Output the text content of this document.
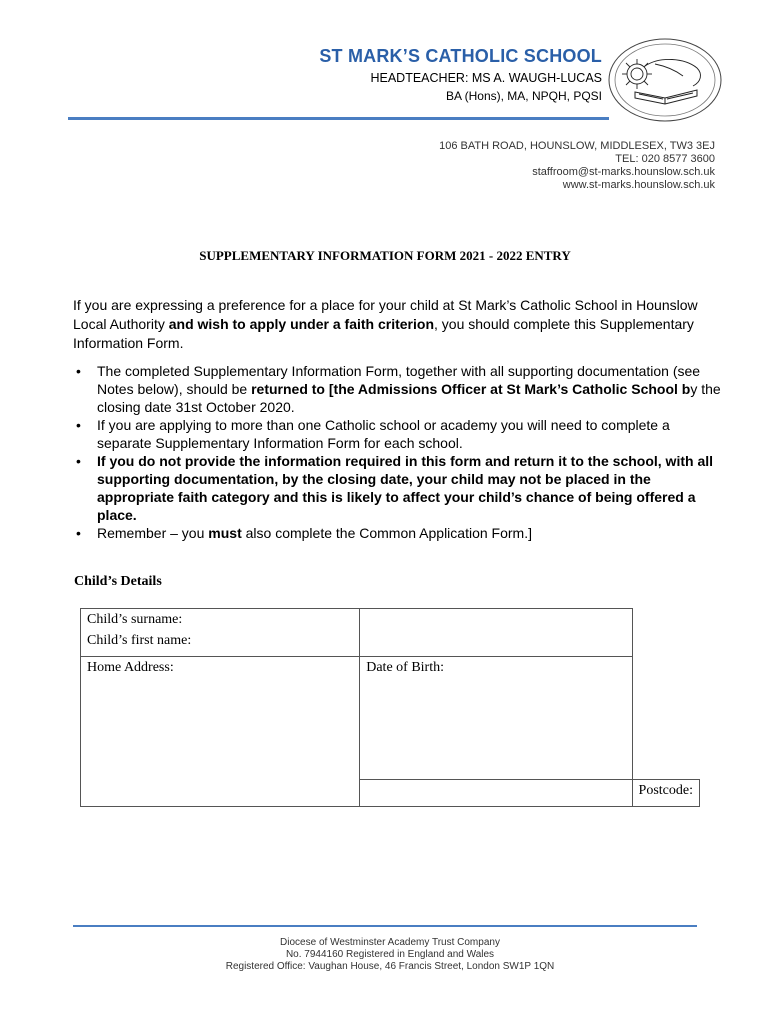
ST MARK’S CATHOLIC SCHOOL
HEADTEACHER: MS A. WAUGH-LUCAS
BA (Hons), MA, NPQH, PQSI
106 BATH ROAD, HOUNSLOW, MIDDLESEX, TW3 3EJ
TEL: 020 8577 3600
staffroom@st-marks.hounslow.sch.uk
www.st-marks.hounslow.sch.uk
SUPPLEMENTARY INFORMATION FORM 2021 - 2022 ENTRY
If you are expressing a preference for a place for your child at St Mark’s Catholic School in Hounslow Local Authority and wish to apply under a faith criterion, you should complete this Supplementary Information Form.
• The completed Supplementary Information Form, together with all supporting documentation (see Notes below), should be returned to [the Admissions Officer at St Mark’s Catholic School by the closing date 31st October 2020.
• If you are applying to more than one Catholic school or academy you will need to complete a separate Supplementary Information Form for each school.
• If you do not provide the information required in this form and return it to the school, with all supporting documentation, by the closing date, your child may not be placed in the appropriate faith category and this is likely to affect your child’s chance of being offered a place.
• Remember – you must also complete the Common Application Form.]
Child’s Details
Child’s surname:
Child’s first name:		

Home Address:	Date of Birth:	

		Postcode:
Diocese of Westminster Academy Trust Company
No. 7944160 Registered in England and Wales
Registered Office: Vaughan House, 46 Francis Street, London SW1P 1QN
